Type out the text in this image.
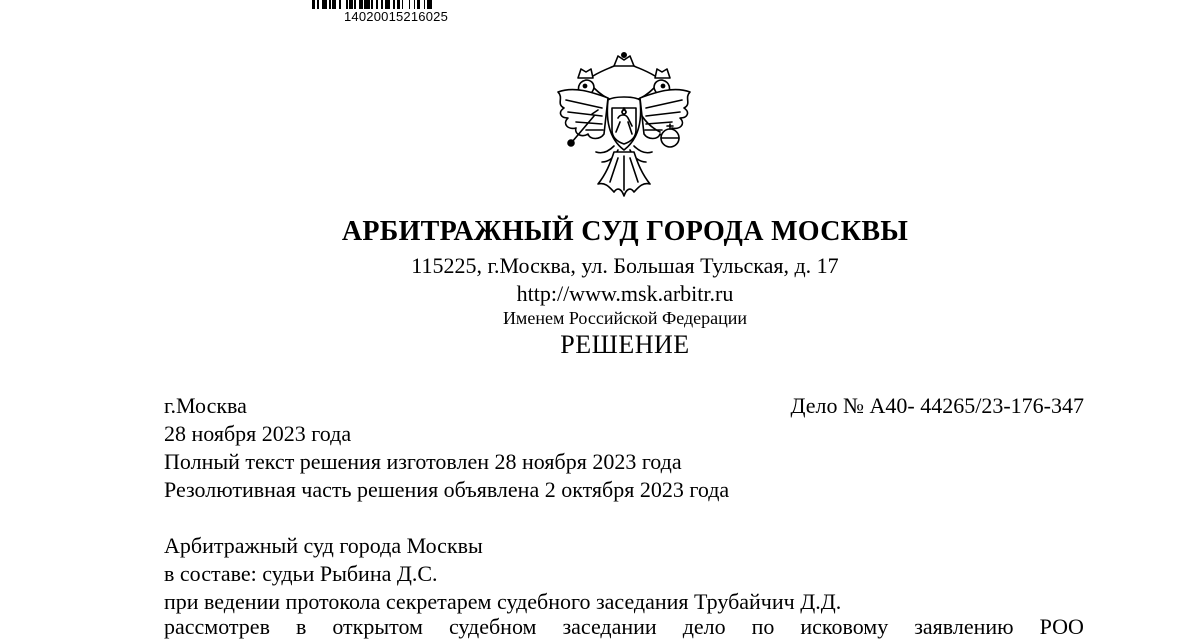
14020015216025
АРБИТРАЖНЫЙ СУД ГОРОДА МОСКВЫ
115225, г.Москва, ул. Большая Тульская, д. 17
http://www.msk.arbitr.ru
Именем Российской Федерации
РЕШЕНИЕ
г.Москва	Дело № А40- 44265/23-176-347
28 ноября 2023 года
Полный текст решения изготовлен 28 ноября 2023 года
Резолютивная часть решения объявлена 2 октября 2023 года
Арбитражный суд города Москвы
в составе: судьи Рыбина Д.С.
при ведении протокола секретарем судебного заседания Трубайчич Д.Д.
рассмотрев в открытом судебном заседании дело по исковому заявлению РОО
